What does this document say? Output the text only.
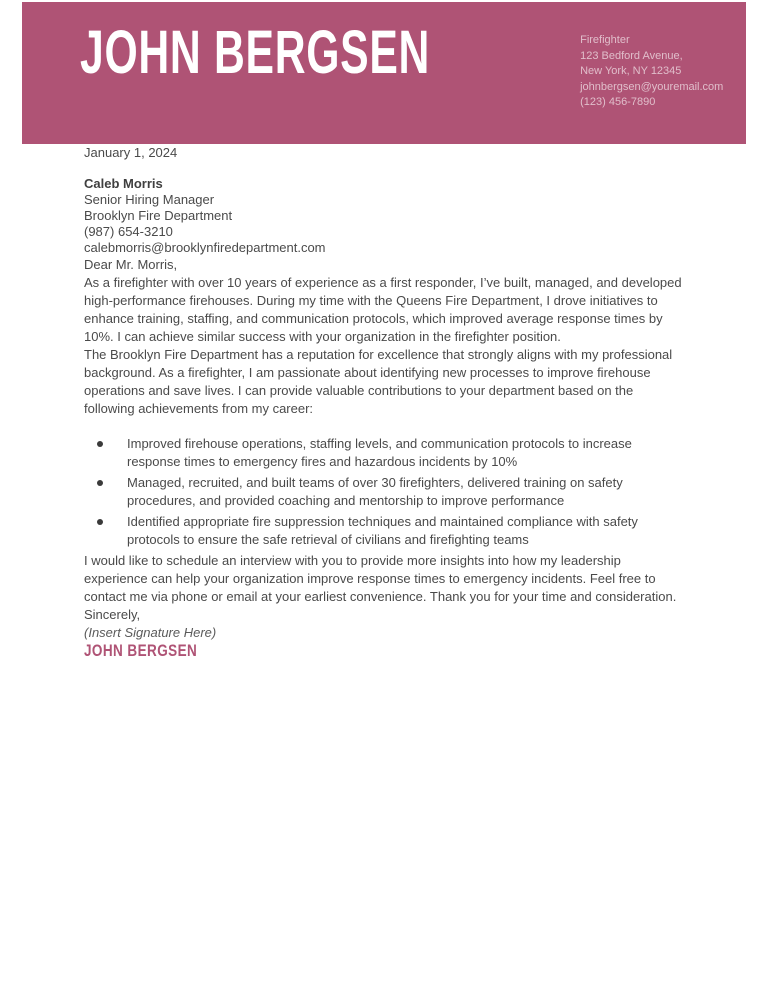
JOHN BERGSEN	Firefighter
123 Bedford Avenue,
New York, NY 12345
johnbergsen@youremail.com
(123) 456-7890

January 1, 2024

Caleb Morris
Senior Hiring Manager
Brooklyn Fire Department
(987) 654-3210
calebmorris@brooklynfiredepartment.com

Dear Mr. Morris,

As a firefighter with over 10 years of experience as a first responder, I’ve built, managed, and developed high-performance firehouses. During my time with the Queens Fire Department, I drove initiatives to enhance training, staffing, and communication protocols, which improved average response times by 10%. I can achieve similar success with your organization in the firefighter position.

The Brooklyn Fire Department has a reputation for excellence that strongly aligns with my professional background. As a firefighter, I am passionate about identifying new processes to improve firehouse operations and save lives. I can provide valuable contributions to your department based on the following achievements from my career:

Improved firehouse operations, staffing levels, and communication protocols to increase response times to emergency fires and hazardous incidents by 10%
Managed, recruited, and built teams of over 30 firefighters, delivered training on safety procedures, and provided coaching and mentorship to improve performance
Identified appropriate fire suppression techniques and maintained compliance with safety protocols to ensure the safe retrieval of civilians and firefighting teams

I would like to schedule an interview with you to provide more insights into how my leadership experience can help your organization improve response times to emergency incidents. Feel free to contact me via phone or email at your earliest convenience. Thank you for your time and consideration.

Sincerely,

(Insert Signature Here)

JOHN BERGSEN
